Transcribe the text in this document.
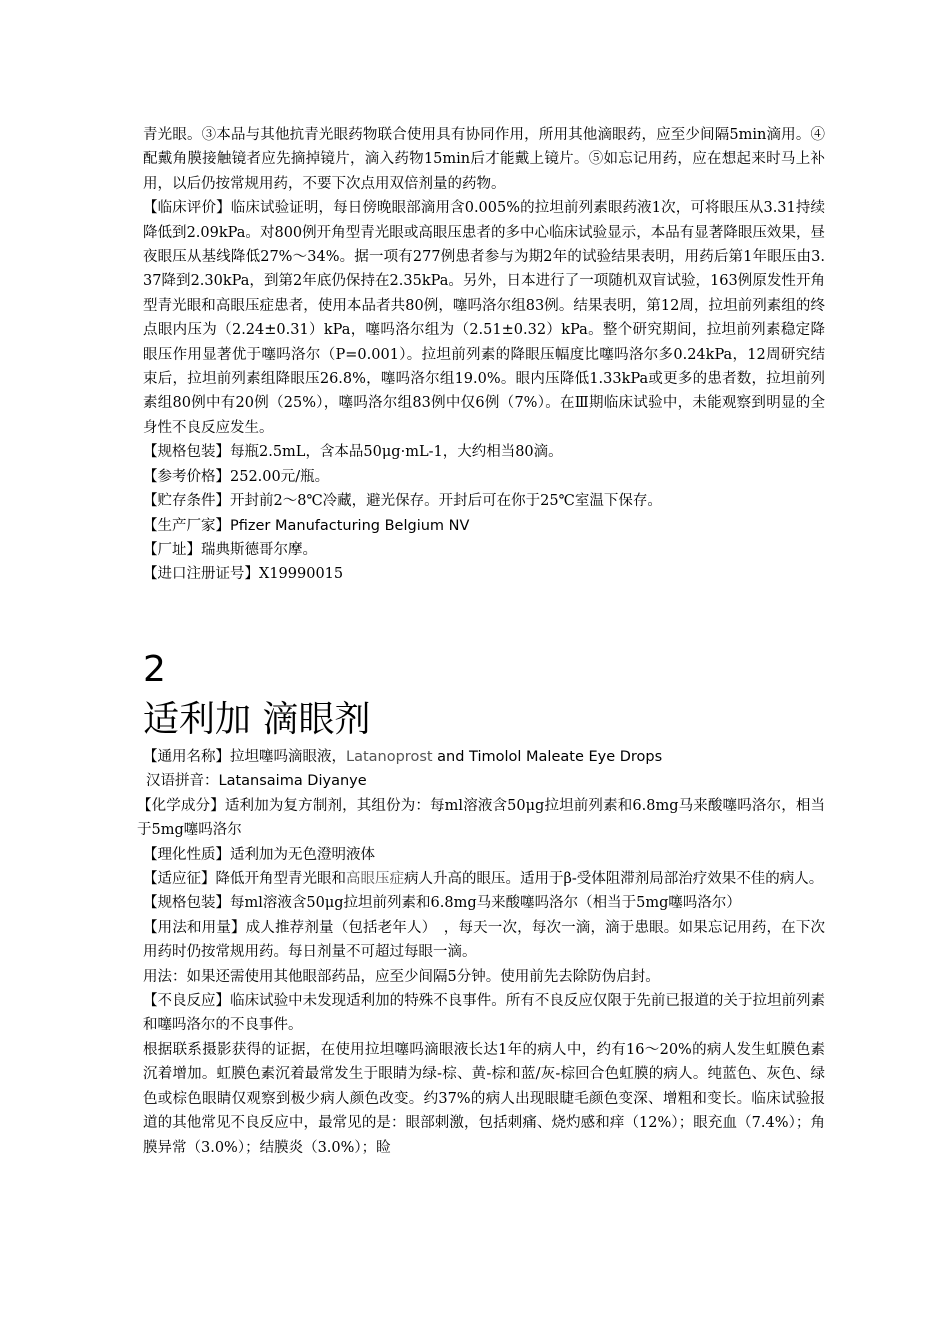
青光眼。③本品与其他抗青光眼药物联合使用具有协同作用，所用其他滴眼药，应至少间隔5min滴用。④配戴角膜接触镜者应先摘掉镜片，滴入药物15min后才能戴上镜片。⑤如忘记用药，应在想起来时马上补用，以后仍按常规用药，不要下次点用双倍剂量的药物。

【临床评价】临床试验证明，每日傍晚眼部滴用含0.005%的拉坦前列素眼药液1次，可将眼压从3.31持续降低到2.09kPa。对800例开角型青光眼或高眼压患者的多中心临床试验显示，本品有显著降眼压效果，昼夜眼压从基线降低27%～34%。据一项有277例患者参与为期2年的试验结果表明，用药后第1年眼压由3.37降到2.30kPa，到第2年底仍保持在2.35kPa。另外，日本进行了一项随机双盲试验，163例原发性开角型青光眼和高眼压症患者，使用本品者共80例，噻吗洛尔组83例。结果表明，第12周，拉坦前列素组的终点眼内压为（2.24±0.31）kPa，噻吗洛尔组为（2.51±0.32）kPa。整个研究期间，拉坦前列素稳定降眼压作用显著优于噻吗洛尔（P=0.001）。拉坦前列素的降眼压幅度比噻吗洛尔多0.24kPa，12周研究结束后，拉坦前列素组降眼压26.8%，噻吗洛尔组19.0%。眼内压降低1.33kPa或更多的患者数，拉坦前列素组80例中有20例（25%），噻吗洛尔组83例中仅6例（7%）。在Ⅲ期临床试验中，未能观察到明显的全身性不良反应发生。

【规格包装】每瓶2.5mL，含本品50μg·mL-1，大约相当80滴。

【参考价格】252.00元/瓶。

【贮存条件】开封前2～8℃冷藏，避光保存。开封后可在你于25℃室温下保存。

【生产厂家】Pfizer Manufacturing Belgium NV

【厂址】瑞典斯德哥尔摩。

【进口注册证号】X19990015

2
适利加 滴眼剂

【通用名称】拉坦噻吗滴眼液，Latanoprost and Timolol Maleate Eye Drops

汉语拼音：Latansaima Diyanye

【化学成分】适利加为复方制剂，其组份为：每ml溶液含50μg拉坦前列素和6.8mg马来酸噻吗洛尔，相当于5mg噻吗洛尔

【理化性质】适利加为无色澄明液体

【适应征】降低开角型青光眼和高眼压症病人升高的眼压。适用于β-受体阻滞剂局部治疗效果不佳的病人。

【规格包装】每ml溶液含50μg拉坦前列素和6.8mg马来酸噻吗洛尔（相当于5mg噻吗洛尔）

【用法和用量】成人推荐剂量（包括老年人）　，每天一次，每次一滴，滴于患眼。如果忘记用药，在下次用药时仍按常规用药。每日剂量不可超过每眼一滴。

用法：如果还需使用其他眼部药品，应至少间隔5分钟。使用前先去除防伪启封。

【不良反应】临床试验中未发现适利加的特殊不良事件。所有不良反应仅限于先前已报道的关于拉坦前列素和噻吗洛尔的不良事件。

根据联系摄影获得的证据，在使用拉坦噻吗滴眼液长达1年的病人中，约有16～20%的病人发生虹膜色素沉着增加。虹膜色素沉着最常发生于眼睛为绿-棕、黄-棕和蓝/灰-棕回合色虹膜的病人。纯蓝色、灰色、绿色或棕色眼睛仅观察到极少病人颜色改变。约37%的病人出现眼睫毛颜色变深、增粗和变长。临床试验报道的其他常见不良反应中，最常见的是：眼部刺激，包括刺痛、烧灼感和痒（12%）；眼充血（7.4%）；角膜异常（3.0%）；结膜炎（3.0%）；睑
